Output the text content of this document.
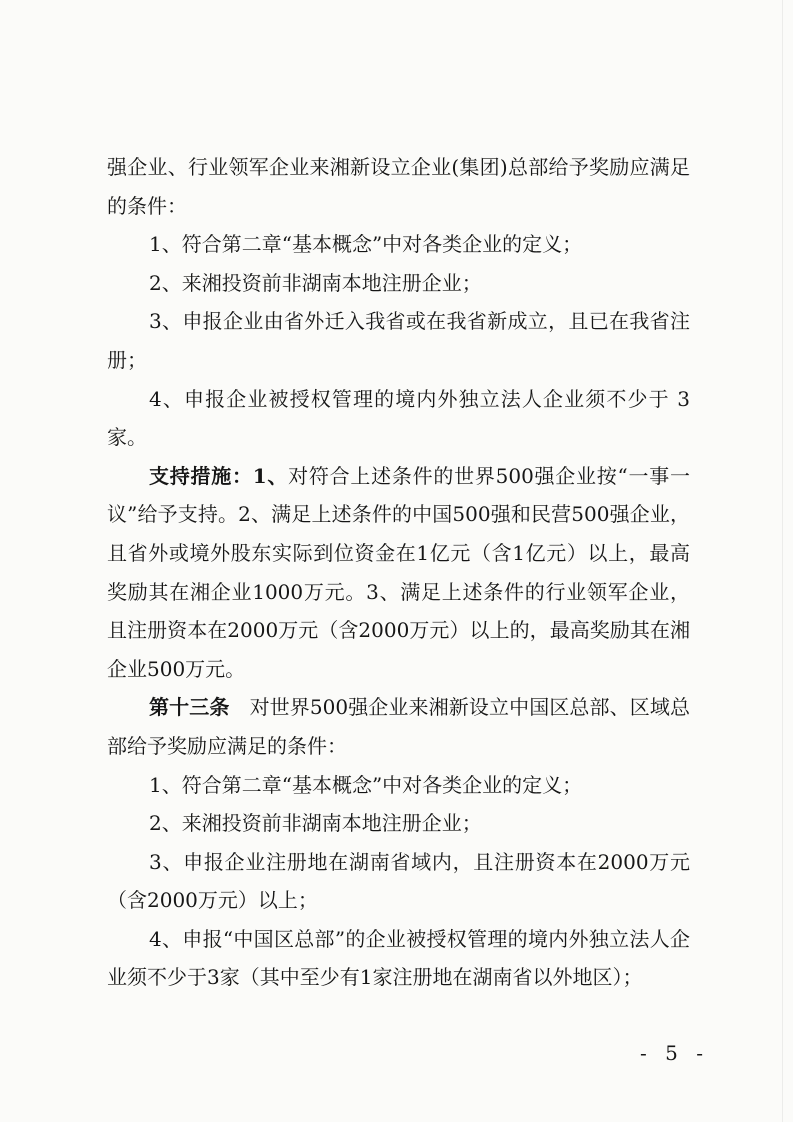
强企业、行业领军企业来湘新设立企业(集团)总部给予奖励应满足的条件：

1、符合第二章“基本概念”中对各类企业的定义；

2、来湘投资前非湖南本地注册企业；

3、申报企业由省外迁入我省或在我省新成立，且已在我省注册；

4、申报企业被授权管理的境内外独立法人企业须不少于 3家。

支持措施：1、对符合上述条件的世界500强企业按“一事一议”给予支持。2、满足上述条件的中国500强和民营500强企业，且省外或境外股东实际到位资金在1亿元（含1亿元）以上，最高奖励其在湘企业1000万元。3、满足上述条件的行业领军企业，且注册资本在2000万元（含2000万元）以上的，最高奖励其在湘企业500万元。

第十三条　对世界500强企业来湘新设立中国区总部、区域总部给予奖励应满足的条件：

1、符合第二章“基本概念”中对各类企业的定义；

2、来湘投资前非湖南本地注册企业；

3、申报企业注册地在湖南省域内，且注册资本在2000万元（含2000万元）以上；

4、申报“中国区总部”的企业被授权管理的境内外独立法人企业须不少于3家（其中至少有1家注册地在湖南省以外地区）；

- 5 -
